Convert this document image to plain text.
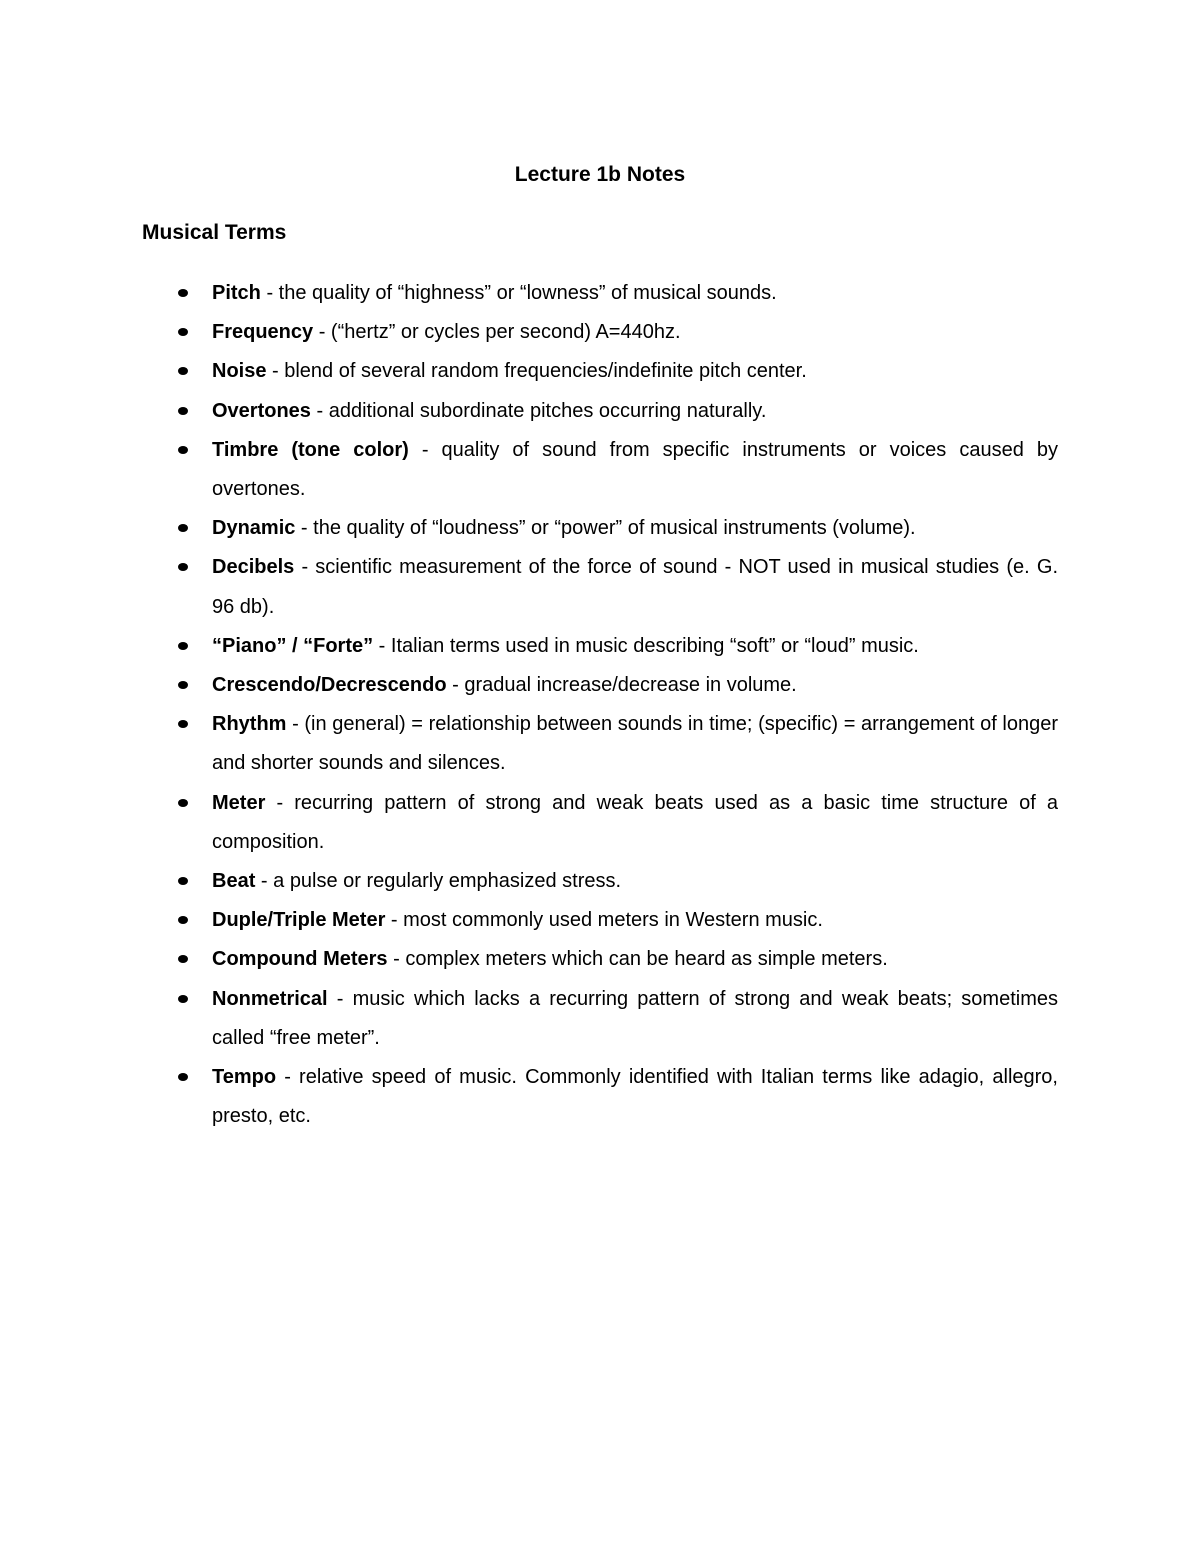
Lecture 1b Notes
Musical Terms
Pitch - the quality of “highness” or “lowness” of musical sounds.
Frequency - (“hertz” or cycles per second) A=440hz.
Noise - blend of several random frequencies/indefinite pitch center.
Overtones - additional subordinate pitches occurring naturally.
Timbre (tone color) - quality of sound from specific instruments or voices caused by overtones.
Dynamic - the quality of “loudness” or “power” of musical instruments (volume).
Decibels - scientific measurement of the force of sound - NOT used in musical studies (e. G. 96 db).
“Piano” / “Forte” - Italian terms used in music describing “soft” or “loud” music.
Crescendo/Decrescendo - gradual increase/decrease in volume.
Rhythm - (in general) = relationship between sounds in time; (specific) = arrangement of longer and shorter sounds and silences.
Meter - recurring pattern of strong and weak beats used as a basic time structure of a composition.
Beat - a pulse or regularly emphasized stress.
Duple/Triple Meter - most commonly used meters in Western music.
Compound Meters - complex meters which can be heard as simple meters.
Nonmetrical - music which lacks a recurring pattern of strong and weak beats; sometimes called “free meter”.
Tempo - relative speed of music. Commonly identified with Italian terms like adagio, allegro, presto, etc.
